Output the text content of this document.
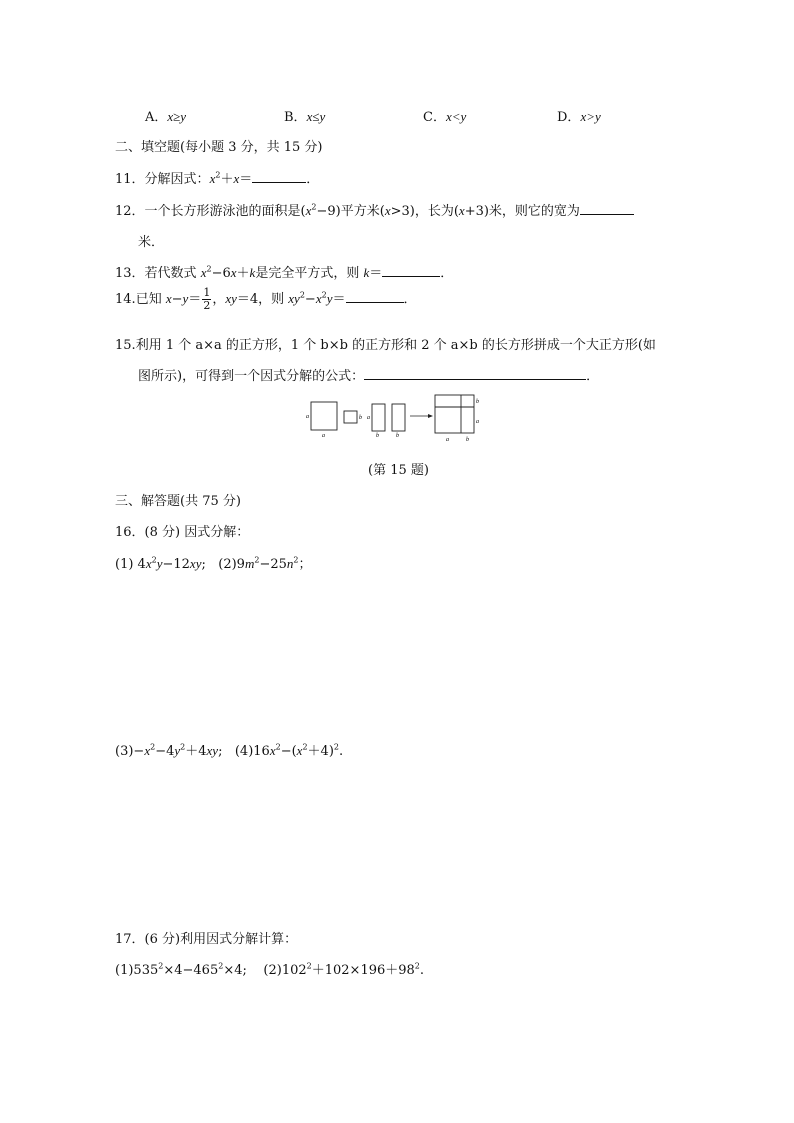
A．x≥y	B．x≤y	C．x<y	D．x>y
二、填空题(每小题 3 分，共 15 分)
11．分解因式：$x^2+x=$	．
12．一个长方形游泳池的面积是$(x^2-9)$平方米(x>3)，长为(x+3)米，则它的宽为
米．
13．若代数式 $x^2-6x+k$是完全平方式，则 k＝	．
14.已知 $x-y= \frac{1}{2}$ ，xy＝4，则 $xy^2-x^2y=$	．
15.利用 1 个 a×a 的正方形，1 个 b×b 的正方形和 2 个 a×b 的长方形拼成一个大正方形(如
图所示)，可得到一个因式分解的公式：	．
a
a
b a
b	b
b
a
a	b
(第 15 题)
三、解答题(共 75 分)
16．(8 分) 因式分解：
(1) $4x^2y-12xy$;   $(2)9m^2-25n^2$；
$(3)-x^2-4y^2+4xy$;   $(4)16x^2-(x^2+4)^2$.
17．(6 分)利用因式分解计算：
$(1)535^2\times 4-465^2\times 4$;    $(2)102^2+102\times 196+98^2$.
